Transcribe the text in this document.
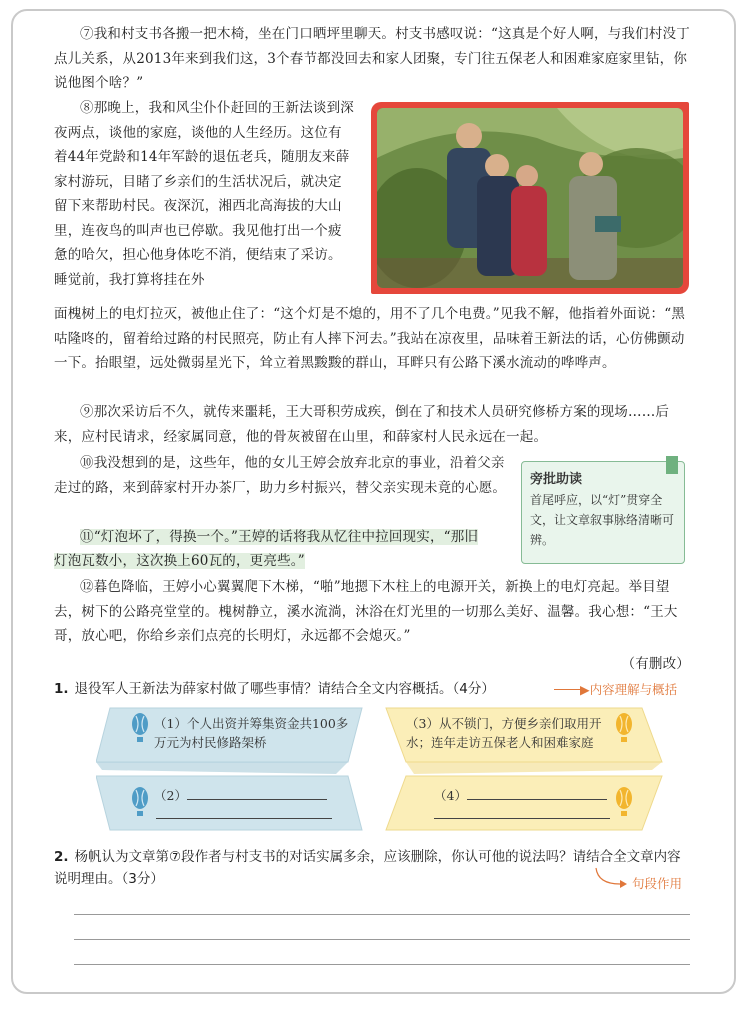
⑦我和村支书各搬一把木椅，坐在门口晒坪里聊天。村支书感叹说：“这真是个好人啊，与我们村没丁点儿关系，从2013年来到我们这，3个春节都没回去和家人团聚，专门往五保老人和困难家庭家里钻，你说他图个啥？”

⑧那晚上，我和风尘仆仆赶回的王新法谈到深夜两点，谈他的家庭，谈他的人生经历。这位有着44年党龄和14年军龄的退伍老兵，随朋友来薛家村游玩，目睹了乡亲们的生活状况后，就决定留下来帮助村民。夜深沉，湘西北高海拔的大山里，连夜鸟的叫声也已停歇。我见他打出一个疲惫的哈欠，担心他身体吃不消，便结束了采访。睡觉前，我打算将挂在外

面槐树上的电灯拉灭，被他止住了：“这个灯是不熄的，用不了几个电费。”见我不解，他指着外面说：“黑咕隆咚的，留着给过路的村民照亮，防止有人摔下河去。”我站在凉夜里，品味着王新法的话，心仿佛颤动一下。抬眼望，远处微弱星光下，耸立着黑黢黢的群山，耳畔只有公路下溪水流动的哗哗声。

⑨那次采访后不久，就传来噩耗，王大哥积劳成疾，倒在了和技术人员研究修桥方案的现场……后来，应村民请求，经家属同意，他的骨灰被留在山里，和薛家村人民永远在一起。

⑩我没想到的是，这些年，他的女儿王婷会放弃北京的事业，沿着父亲走过的路，来到薛家村开办茶厂，助力乡村振兴，替父亲实现未竟的心愿。	旁批助读
首尾呼应，以“灯”贯穿全文，让文章叙事脉络清晰可辨。

⑪“灯泡坏了，得换一个。”王婷的话将我从忆往中拉回现实，“那旧

灯泡瓦数小，这次换上60瓦的，更亮些。”

⑫暮色降临，王婷小心翼翼爬下木梯，“啪”地摁下木柱上的电源开关，新换上的电灯亮起。举目望去，树下的公路亮堂堂的。槐树静立，溪水流淌，沐浴在灯光里的一切那么美好、温馨。我心想：“王大哥，放心吧，你给乡亲们点亮的长明灯，永远都不会熄灭。”

（有删改）

1. 退役军人王新法为薛家村做了哪些事情？请结合全文内容概括。（4分）	▶内容理解与概括
（1）个人出资并筹集资金共100多万元为村民修路架桥
（3）从不锁门，方便乡亲们取用开水；连年走访五保老人和困难家庭
（2）	（4）

2. 杨帆认为文章第⑦段作者与村支书的对话实属多余，应该删除，你认可他的说法吗？请结合全文章内容说明理由。（3分）	句段作用
